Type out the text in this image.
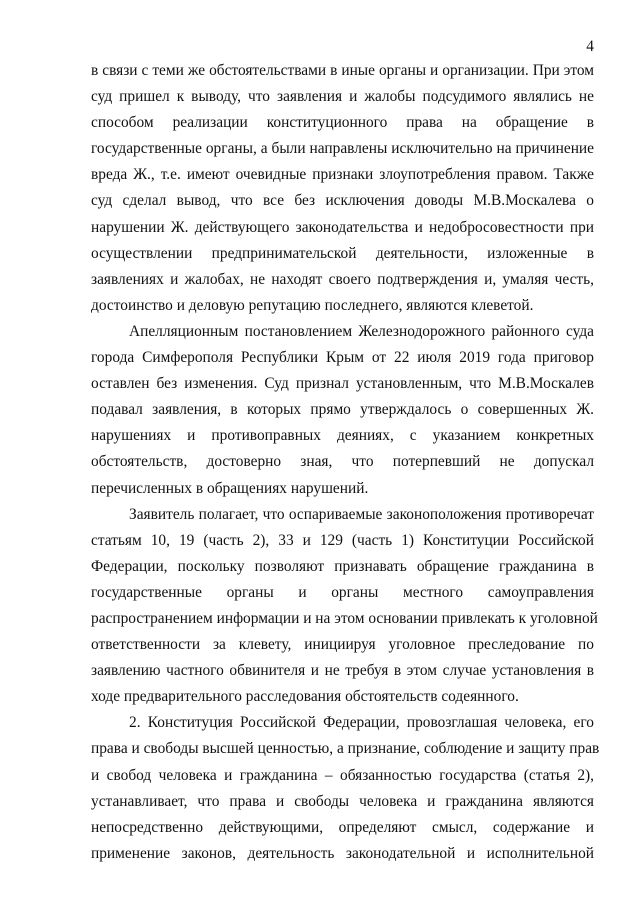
4

в связи с теми же обстоятельствами в иные органы и организации. При этом
суд пришел к выводу, что заявления и жалобы подсудимого являлись не
способом реализации конституционного права на обращение в
государственные органы, а были направлены исключительно на причинение
вреда Ж., т.е. имеют очевидные признаки злоупотребления правом. Также
суд сделал вывод, что все без исключения доводы М.В.Москалева о
нарушении Ж. действующего законодательства и недобросовестности при
осуществлении предпринимательской деятельности, изложенные в
заявлениях и жалобах, не находят своего подтверждения и, умаляя честь,
достоинство и деловую репутацию последнего, являются клеветой.

Апелляционным постановлением Железнодорожного районного суда
города Симферополя Республики Крым от 22 июля 2019 года приговор
оставлен без изменения. Суд признал установленным, что М.В.Москалев
подавал заявления, в которых прямо утверждалось о совершенных Ж.
нарушениях и противоправных деяниях, с указанием конкретных
обстоятельств, достоверно зная, что потерпевший не допускал
перечисленных в обращениях нарушений.

Заявитель полагает, что оспариваемые законоположения противоречат
статьям 10, 19 (часть 2), 33 и 129 (часть 1) Конституции Российской
Федерации, поскольку позволяют признавать обращение гражданина в
государственные органы и органы местного самоуправления
распространением информации и на этом основании привлекать к уголовной
ответственности за клевету, инициируя уголовное преследование по
заявлению частного обвинителя и не требуя в этом случае установления в
ходе предварительного расследования обстоятельств содеянного.

2. Конституция Российской Федерации, провозглашая человека, его
права и свободы высшей ценностью, а признание, соблюдение и защиту прав
и свобод человека и гражданина – обязанностью государства (статья 2),
устанавливает, что права и свободы человека и гражданина являются
непосредственно действующими, определяют смысл, содержание и
применение законов, деятельность законодательной и исполнительной
